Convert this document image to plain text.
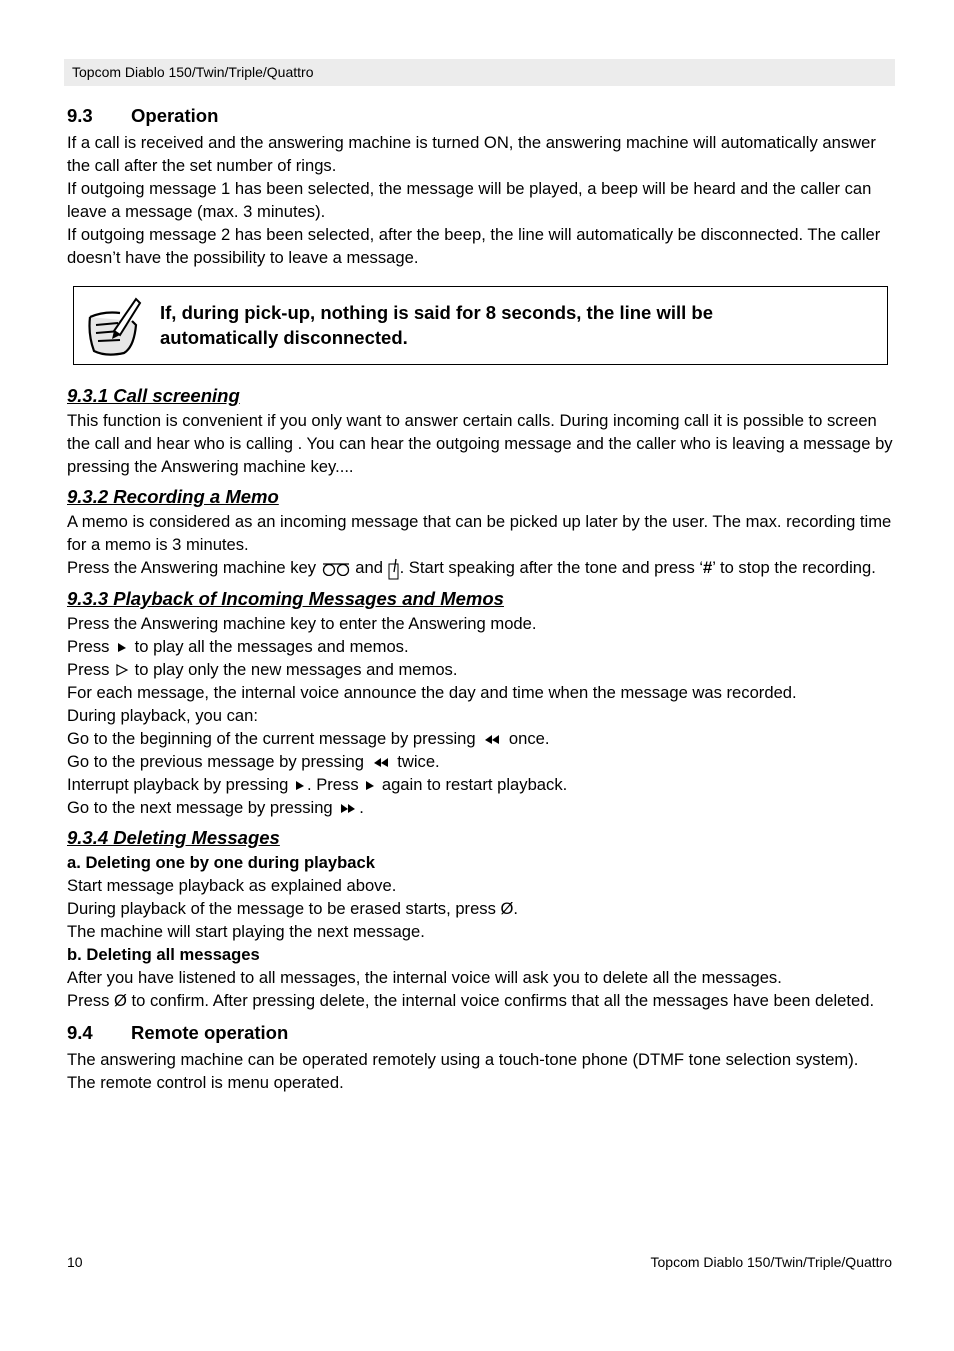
Topcom Diablo 150/Twin/Triple/Quattro
9.3 Operation

If a call is received and the answering machine is turned ON, the answering machine will automatically answer the call after the set number of rings.

If outgoing message 1 has been selected, the message will be played, a beep will be heard and the caller can leave a message (max. 3 minutes).

If outgoing message 2 has been selected, after the beep, the line will automatically be disconnected. The caller doesn’t have the possibility to leave a message.

If, during pick-up, nothing is said for 8 seconds, the line will be
automatically disconnected.
9.3.1 Call screening

This function is convenient if you only want to answer certain calls. During incoming call it is possible to screen the call and hear who is calling . You can hear the outgoing message and the caller who is leaving a message by pressing the Answering machine key....

9.3.2 Recording a Memo

A memo is considered as an incoming message that can be picked up later by the user. The max. recording time for a memo is 3 minutes.

Press the Answering machine key  and . Start speaking after the tone and press ‘#’ to stop the recording.

9.3.3 Playback of Incoming Messages and Memos

Press the Answering machine key to enter the Answering mode.

Press  to play all the messages and memos.

Press  to play only the new messages and memos.

For each message, the internal voice announce the day and time when the message was recorded.

During playback, you can:

Go to the beginning of the current message by pressing  once.

Go to the previous message by pressing  twice.

Interrupt playback by pressing . Press  again to restart playback.

Go to the next message by pressing .

9.3.4 Deleting Messages

a. Deleting one by one during playback

Start message playback as explained above.

During playback of the message to be erased starts, press Ø.

The machine will start playing the next message.

b. Deleting all messages

After you have listened to all messages, the internal voice will ask you to delete all the messages.

Press Ø to confirm. After pressing delete, the internal voice confirms that all the messages have been deleted.

9.4 Remote operation

The answering machine can be operated remotely using a touch-tone phone (DTMF tone selection system).

The remote control is menu operated.

10	Topcom Diablo 150/Twin/Triple/Quattro
